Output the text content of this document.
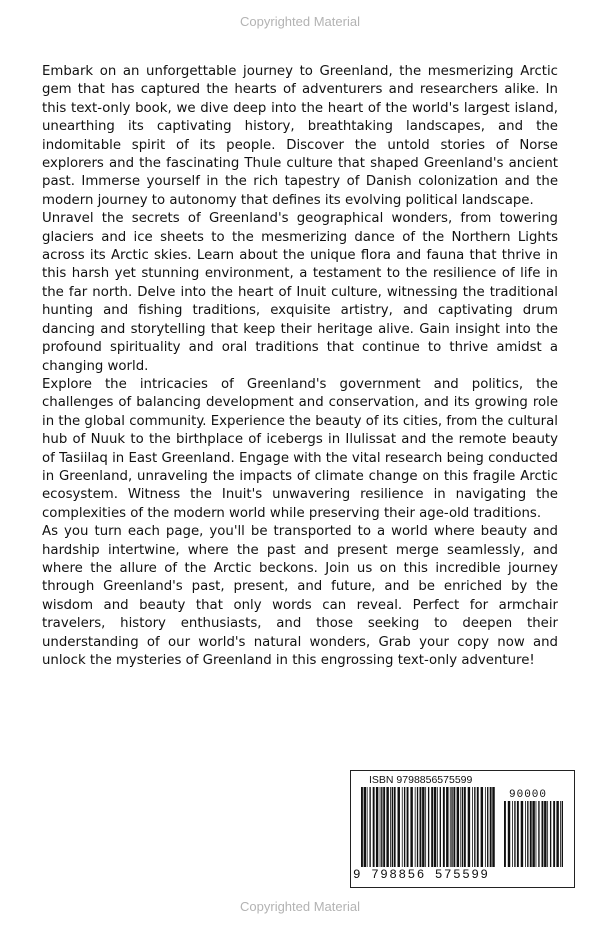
Copyrighted Material

Embark on an unforgettable journey to Greenland, the mesmerizing Arctic gem that has captured the hearts of adventurers and researchers alike. In this text-only book, we dive deep into the heart of the world's largest island, unearthing its captivating history, breathtaking landscapes, and the indomitable spirit of its people. Discover the untold stories of Norse explorers and the fascinating Thule culture that shaped Greenland's ancient past. Immerse yourself in the rich tapestry of Danish colonization and the modern journey to autonomy that defines its evolving political landscape.

Unravel the secrets of Greenland's geographical wonders, from towering glaciers and ice sheets to the mesmerizing dance of the Northern Lights across its Arctic skies. Learn about the unique flora and fauna that thrive in this harsh yet stunning environment, a testament to the resilience of life in the far north. Delve into the heart of Inuit culture, witnessing the traditional hunting and fishing traditions, exquisite artistry, and captivating drum dancing and storytelling that keep their heritage alive. Gain insight into the profound spirituality and oral traditions that continue to thrive amidst a changing world.

Explore the intricacies of Greenland's government and politics, the challenges of balancing development and conservation, and its growing role in the global community. Experience the beauty of its cities, from the cultural hub of Nuuk to the birthplace of icebergs in Ilulissat and the remote beauty of Tasiilaq in East Greenland. Engage with the vital research being conducted in Greenland, unraveling the impacts of climate change on this fragile Arctic ecosystem. Witness the Inuit's unwavering resilience in navigating the complexities of the modern world while preserving their age-old traditions.

As you turn each page, you'll be transported to a world where beauty and hardship intertwine, where the past and present merge seamlessly, and where the allure of the Arctic beckons. Join us on this incredible journey through Greenland's past, present, and future, and be enriched by the wisdom and beauty that only words can reveal. Perfect for armchair travelers, history enthusiasts, and those seeking to deepen their understanding of our world's natural wonders, Grab your copy now and unlock the mysteries of Greenland in this engrossing text-only adventure!

ISBN 9798856575599
90000
9 798856 575599
Copyrighted Material
